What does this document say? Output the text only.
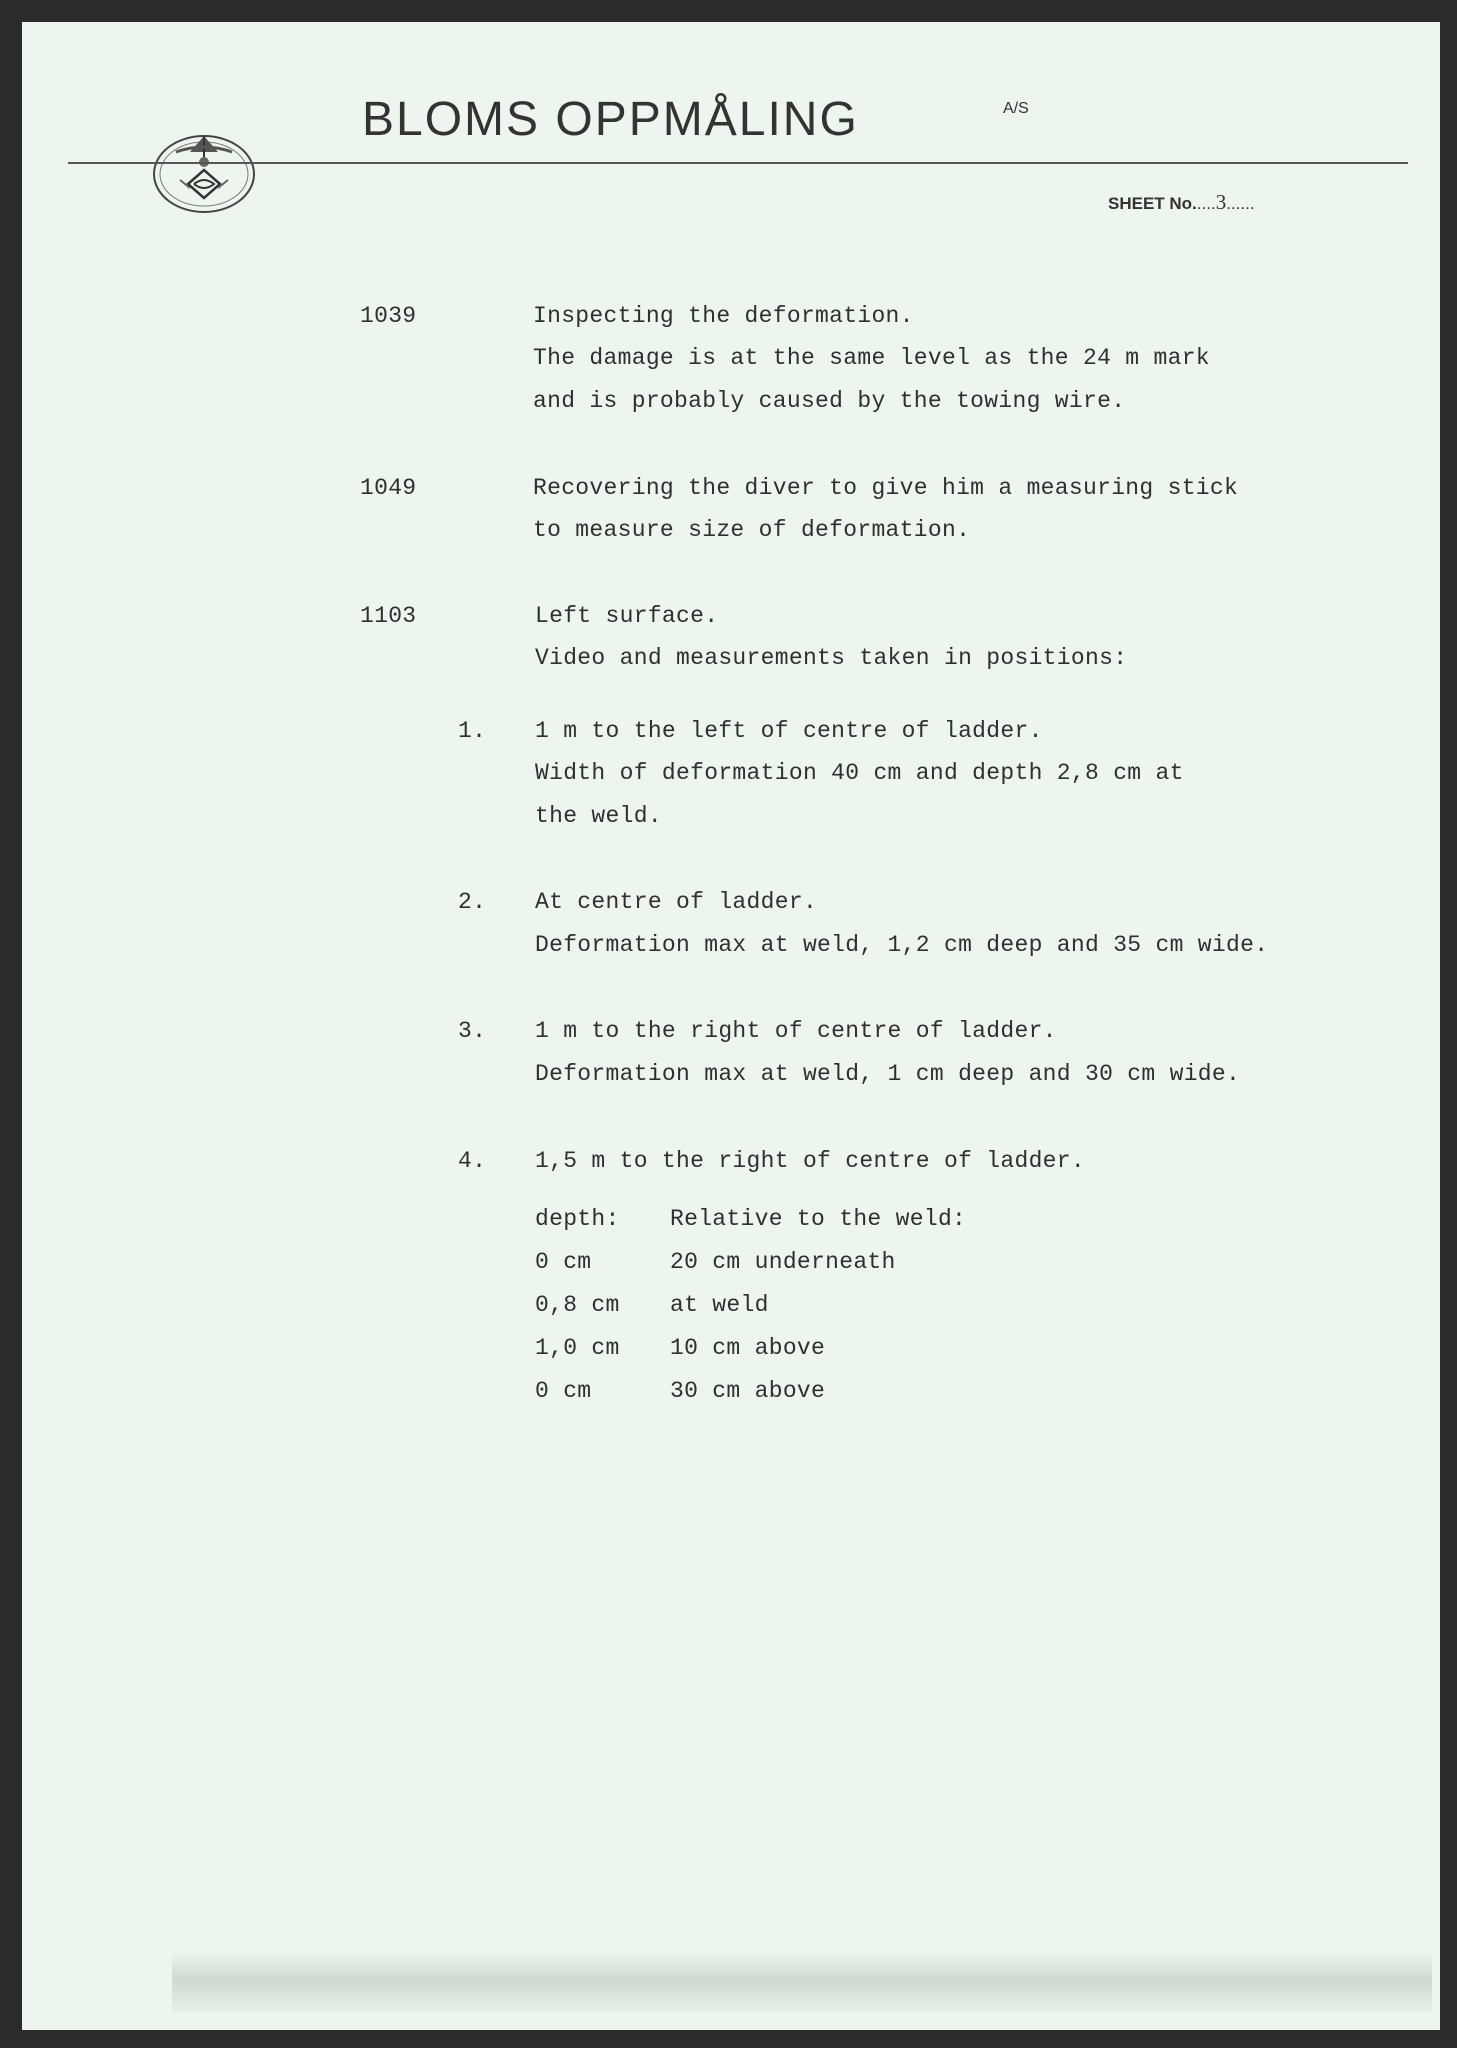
BLOMS OPPMÅLING	A/S
SHEET No.....3......
1039	Inspecting the deformation.
The damage is at the same level as the 24 m mark
and is probably caused by the towing wire.
1049	Recovering the diver to give him a measuring stick
to measure size of deformation.
1103	Left surface.
Video and measurements taken in positions:
1. 1 m to the left of centre of ladder.
Width of deformation 40 cm and depth 2,8 cm at
the weld.
2. At centre of ladder.
Deformation max at weld, 1,2 cm deep and 35 cm wide.
3. 1 m to the right of centre of ladder.
Deformation max at weld, 1 cm deep and 30 cm wide.
4. 1,5 m to the right of centre of ladder.
depth: Relative to the weld:
0 cm	20 cm underneath
0,8 cm at weld
1,0 cm 10 cm above
0 cm	30 cm above
